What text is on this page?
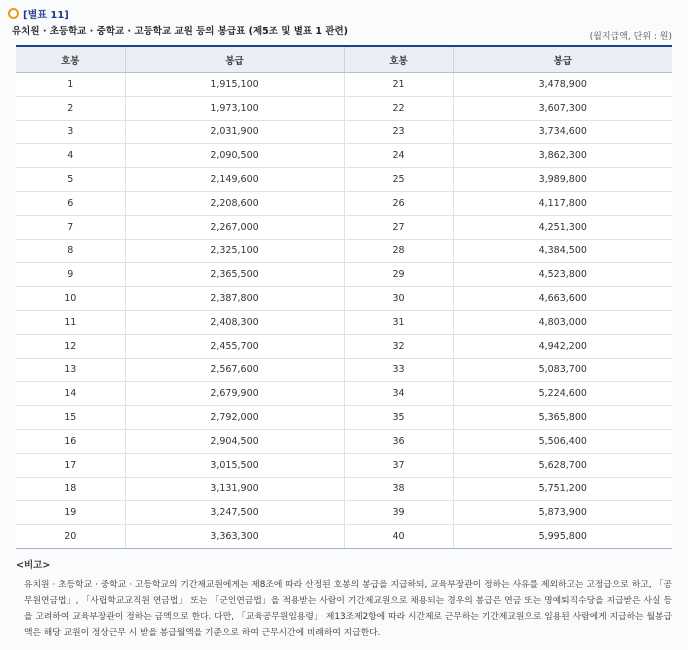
[별표 11]
유치원 · 초등학교 · 중학교 · 고등학교 교원 등의 봉급표 (제5조 및 별표 1 관련)	(월지급액, 단위 : 원)
호봉	봉급	호봉	봉급
1	1,915,100	21	3,478,900
2	1,973,100	22	3,607,300
3	2,031,900	23	3,734,600
4	2,090,500	24	3,862,300
5	2,149,600	25	3,989,800
6	2,208,600	26	4,117,800
7	2,267,000	27	4,251,300
8	2,325,100	28	4,384,500
9	2,365,500	29	4,523,800
10	2,387,800	30	4,663,600
11	2,408,300	31	4,803,000
12	2,455,700	32	4,942,200
13	2,567,600	33	5,083,700
14	2,679,900	34	5,224,600
15	2,792,000	35	5,365,800
16	2,904,500	36	5,506,400
17	3,015,500	37	5,628,700
18	3,131,900	38	5,751,200
19	3,247,500	39	5,873,900
20	3,363,300	40	5,995,800
<비고>
유치원 · 초등학교 · 중학교 · 고등학교의 기간제교원에게는 제8조에 따라 산정된 호봉의 봉급을 지급하되, 교육부장관이 정하는 사유를 제외하고는 고정급으로 하고, 「공무원연금법」, 「사립학교교직원 연금법」 또는 「군인연금법」을 적용받는 사람이 기간제교원으로 채용되는 경우의 봉급은 연금 또는 명예퇴직수당을 지급받은 사실 등을 고려하여 교육부장관이 정하는 금액으로 한다. 다만, 「교육공무원임용령」 제13조제2항에 따라 시간제로 근무하는 기간제교원으로 임용된 사람에게 지급하는 월봉급액은 해당 교원이 정상근무 시 받을 봉급월액을 기준으로 하여 근무시간에 비례하여 지급한다.
